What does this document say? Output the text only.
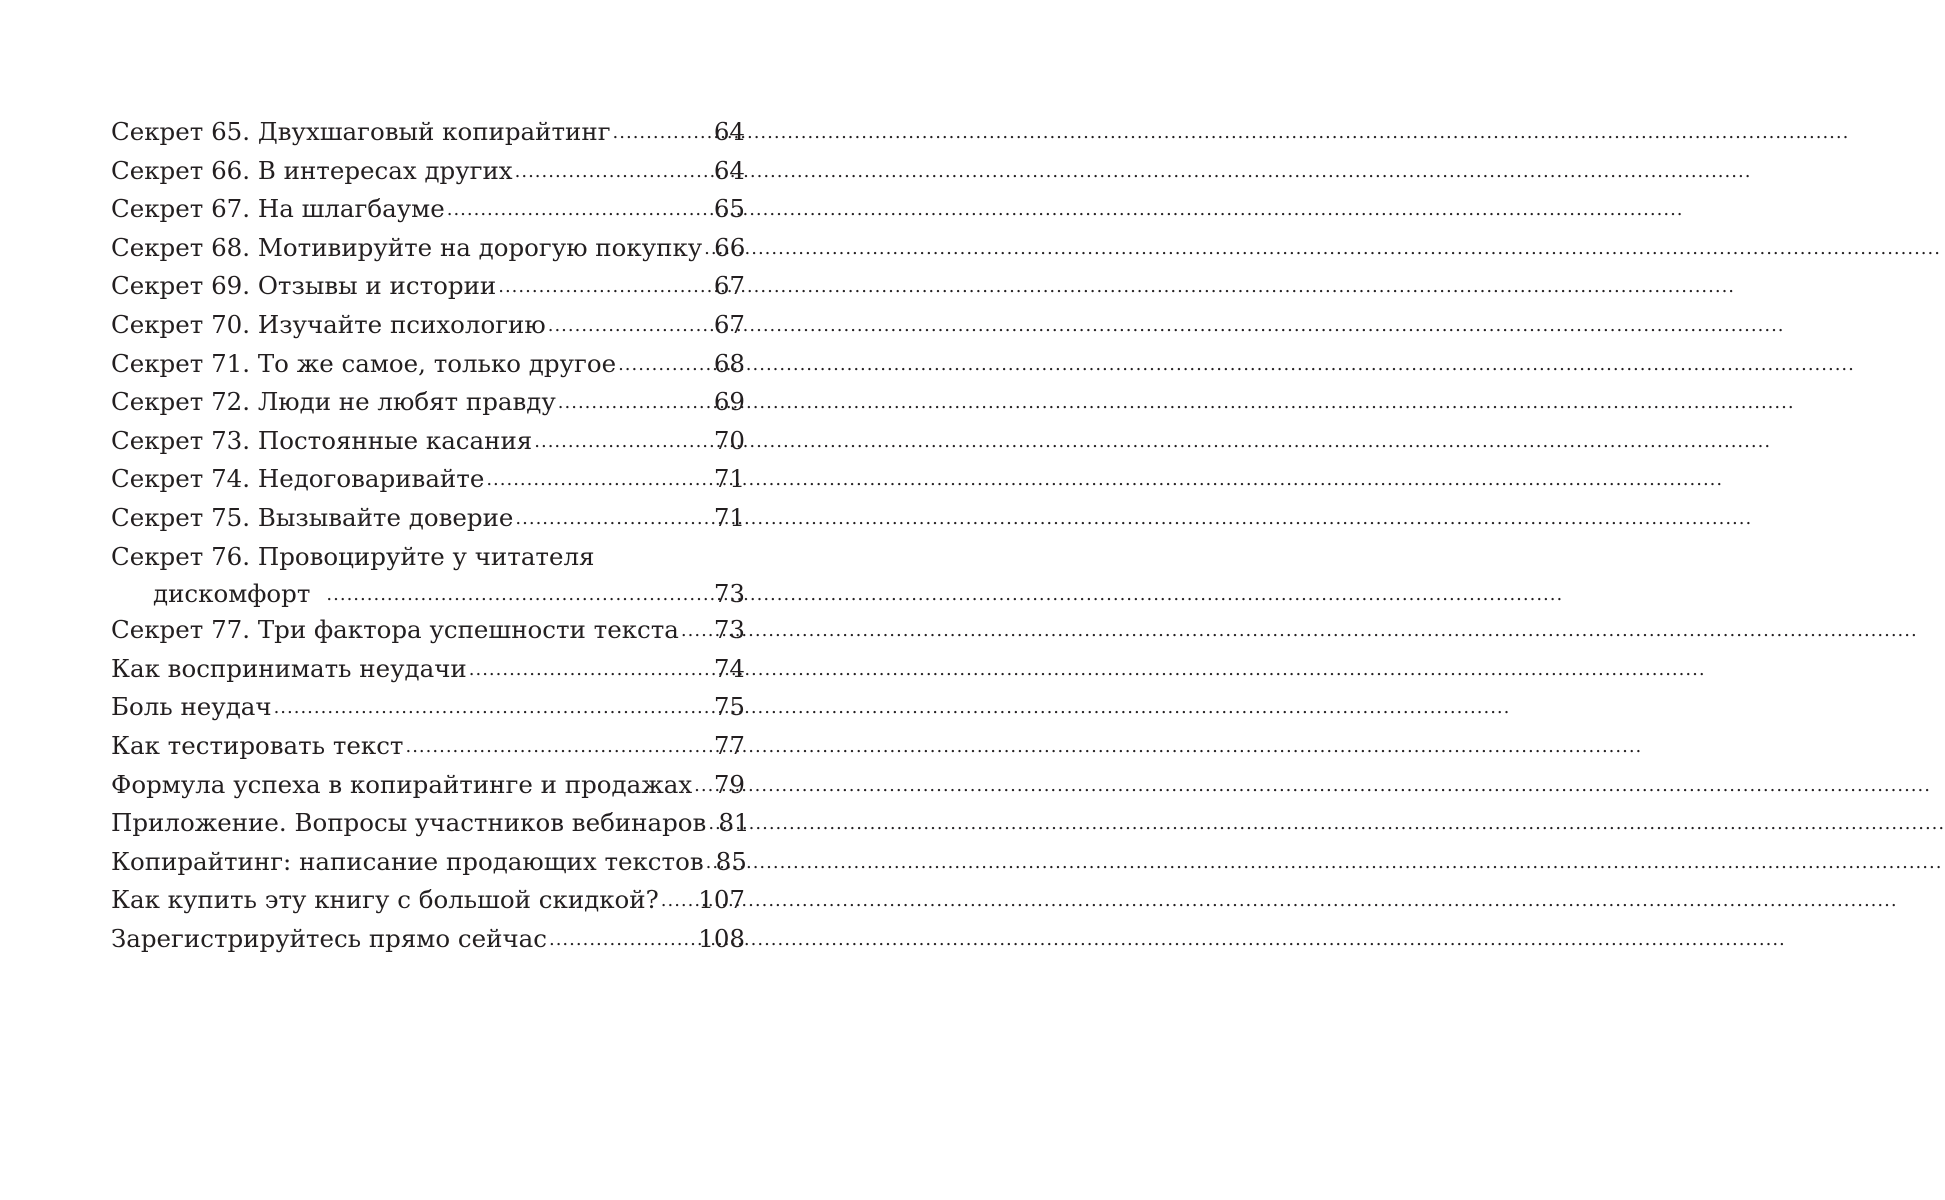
Секрет 65. Двухшаговый копирайтинг .....	64
Секрет 66. В интересах других .....	64
Секрет 67. На шлагбауме .....	65
Секрет 68. Мотивируйте на дорогую покупку ..... 66
Секрет 69. Отзывы и истории .....	67
Секрет 70. Изучайте психологию .....	67
Секрет 71. То же самое, только другое .....	68
Секрет 72. Люди не любят правду .....	69
Секрет 73. Постоянные касания .....	70
Секрет 74. Недоговаривайте .....	71
Секрет 75. Вызывайте доверие .....	71
Секрет 76. Провоцируйте у читателя
дискомфорт .....	73
Секрет 77. Три фактора успешности текста ..... 73
Как воспринимать неудачи .....	74
Боль неудач .....	75
Как тестировать текст .....	77
Формула успеха в копирайтинге и продажах ..... 79
Приложение. Вопросы участников вебинаров ..... 81
Копирайтинг: написание продающих текстов ..... 85
Как купить эту книгу с большой скидкой? ..... 107
Зарегистрируйтесь прямо сейчас .....	108
